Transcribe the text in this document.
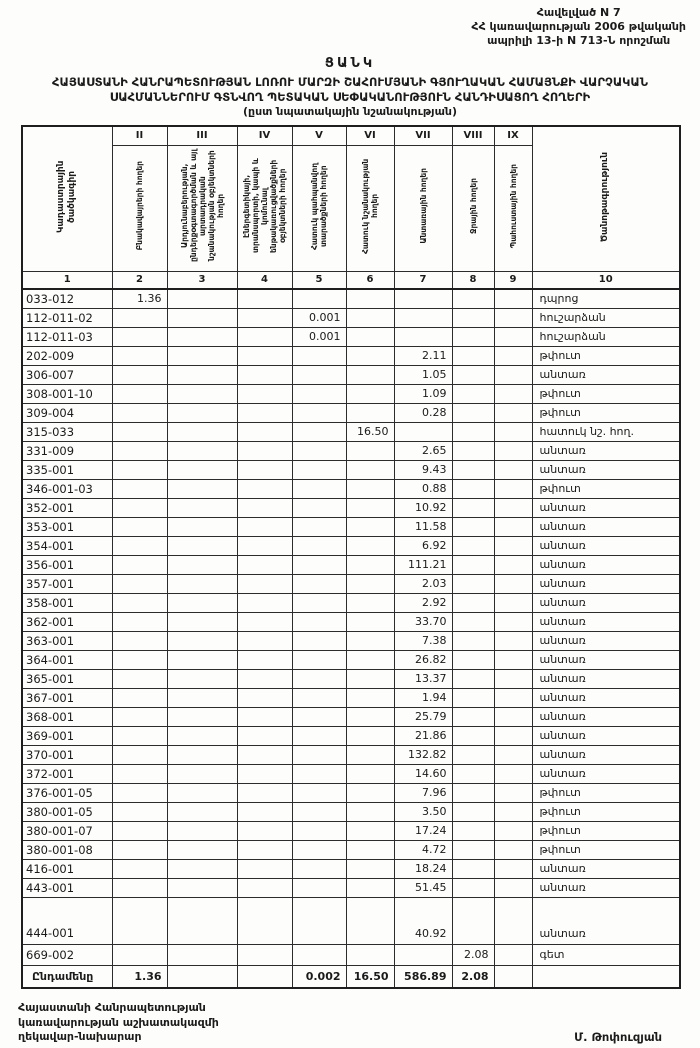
Հավելված N 7
ՀՀ կառավարության 2006 թվականի
ապրիլի 13-ի N 713-Ն որոշման
ՑԱՆԿ
ՀԱՅԱՍՏԱՆԻ ՀԱՆՐԱՊԵՏՈՒԹՅԱՆ ԼՈՌՈՒ ՄԱՐԶԻ ՇԱՀՈՒՄՅԱՆԻ ԳՅՈՒՂԱԿԱՆ ՀԱՄԱՅՆՔԻ ՎԱՐՉԱԿԱՆ ՍԱՀՄԱՆՆԵՐՈՒՄ ԳՏՆՎՈՂ ՊԵՏԱԿԱՆ ՍԵՓԱԿԱՆՈՒԹՅՈՒՆ ՀԱՆԴԻՍԱՑՈՂ ՀՈՂԵՐԻ
(ըստ նպատակային նշանակության)
Կադաստրային ծածկագիր	II	III	IV	V	VI	VII	VIII	IX	Ծանոթագրություն
	Բնակավայրերի հողեր	Արդյունաբերության, ընդերքօգտագործման և այլ արտադրական նշանակության օբյեկտների հողեր	Էներգետիկայի, տրանսպորտի, կապի և կոմունալ ենթակառուցվածքների օբյեկտների հողեր	Հատուկ պահպանվող տարածքների հողեր	Հատուկ նշանակության հողեր	Անտառային հողեր	Ջրային հողեր	Պահուստային հողեր	
1	2	3	4	5	6	7	8	9	10
033-012	1.36								դպրոց
112-011-02				0.001					հուշարձան
112-011-03				0.001					հուշարձան
202-009						2.11			թփուտ
306-007						1.05			անտառ
308-001-10						1.09			թփուտ
309-004						0.28			թփուտ
315-033					16.50				հատուկ նշ. հող.
331-009						2.65			անտառ
335-001						9.43			անտառ
346-001-03						0.88			թփուտ
352-001						10.92			անտառ
353-001						11.58			անտառ
354-001						6.92			անտառ
356-001						111.21			անտառ
357-001						2.03			անտառ
358-001						2.92			անտառ
362-001						33.70			անտառ
363-001						7.38			անտառ
364-001						26.82			անտառ
365-001						13.37			անտառ
367-001						1.94			անտառ
368-001						25.79			անտառ
369-001						21.86			անտառ
370-001						132.82			անտառ
372-001						14.60			անտառ
376-001-05						7.96			թփուտ
380-001-05						3.50			թփուտ
380-001-07						17.24			թփուտ
380-001-08						4.72			թփուտ
416-001						18.24			անտառ
443-001						51.45			անտառ

444-001						40.92			անտառ
669-002							2.08		գետ
Ընդամենը	1.36			0.002	16.50	586.89	2.08		
Հայաստանի Հանրապետության
կառավարության աշխատակազմի
ղեկավար-նախարար	Մ. Թոփուզյան
